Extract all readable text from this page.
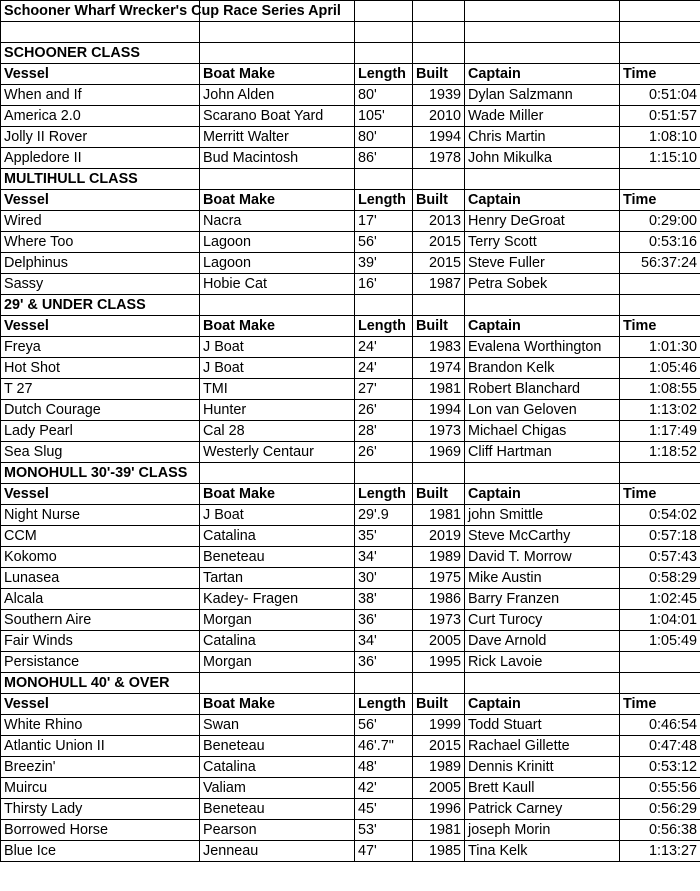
Schooner Wharf Wrecker's Cup Race Series April					

SCHOONER CLASS					
Vessel	Boat Make	Length	Built	Captain	Time
When and If	John Alden	80'	1939	Dylan Salzmann	0:51:04
America 2.0	Scarano Boat Yard	105'	2010	Wade Miller	0:51:57
Jolly II Rover	Merritt Walter	80'	1994	Chris Martin	1:08:10
Appledore II	Bud Macintosh	86'	1978	John Mikulka	1:15:10
MULTIHULL CLASS					
Vessel	Boat Make	Length	Built	Captain	Time
Wired	Nacra	17'	2013	Henry DeGroat	0:29:00
Where Too	Lagoon	56'	2015	Terry Scott	0:53:16
Delphinus	Lagoon	39'	2015	Steve Fuller	56:37:24
Sassy	Hobie Cat	16'	1987	Petra Sobek	
29' & UNDER CLASS					
Vessel	Boat Make	Length	Built	Captain	Time
Freya	J Boat	24'	1983	Evalena Worthington	1:01:30
Hot Shot	J Boat	24'	1974	Brandon Kelk	1:05:46
T 27	TMI	27'	1981	Robert Blanchard	1:08:55
Dutch Courage	Hunter	26'	1994	Lon van Geloven	1:13:02
Lady Pearl	Cal 28	28'	1973	Michael Chigas	1:17:49
Sea Slug	Westerly Centaur	26'	1969	Cliff Hartman	1:18:52
MONOHULL 30'-39' CLASS					
Vessel	Boat Make	Length	Built	Captain	Time
Night Nurse	J Boat	29'.9	1981	john Smittle	0:54:02
CCM	Catalina	35'	2019	Steve McCarthy	0:57:18
Kokomo	Beneteau	34'	1989	David T. Morrow	0:57:43
Lunasea	Tartan	30'	1975	Mike Austin	0:58:29
Alcala	Kadey- Fragen	38'	1986	Barry Franzen	1:02:45
Southern Aire	Morgan	36'	1973	Curt Turocy	1:04:01
Fair Winds	Catalina	34'	2005	Dave Arnold	1:05:49
Persistance	Morgan	36'	1995	Rick Lavoie	
MONOHULL 40' & OVER					
Vessel	Boat Make	Length	Built	Captain	Time
White Rhino	Swan	56'	1999	Todd Stuart	0:46:54
Atlantic Union II	Beneteau	46'.7"	2015	Rachael Gillette	0:47:48
Breezin'	Catalina	48'	1989	Dennis Krinitt	0:53:12
Muircu	Valiam	42'	2005	Brett Kaull	0:55:56
Thirsty Lady	Beneteau	45'	1996	Patrick Carney	0:56:29
Borrowed Horse	Pearson	53'	1981	joseph Morin	0:56:38
Blue Ice	Jenneau	47'	1985	Tina Kelk	1:13:27
